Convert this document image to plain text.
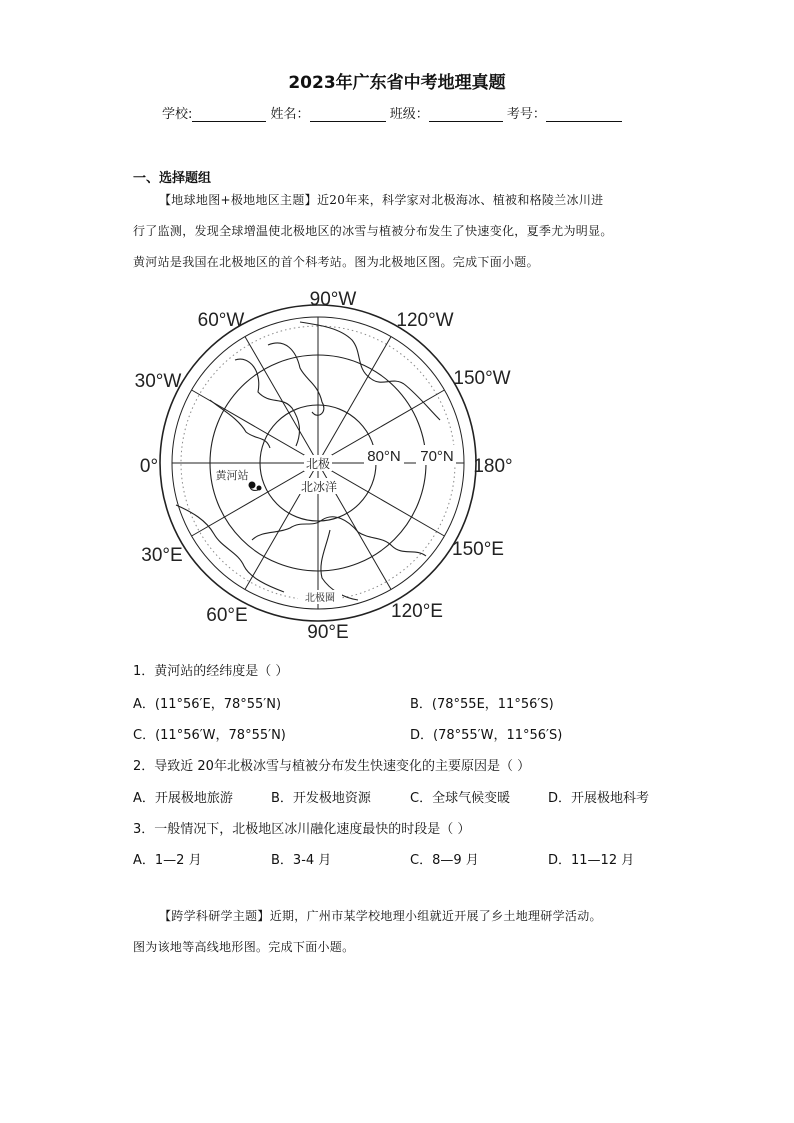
2023年广东省中考地理真题
学校:	姓名：	班级：	考号：
一、选择题组
【地球地图+极地地区主题】近20年来，科学家对北极海冰、植被和格陵兰冰川进
行了监测，发现全球增温使北极地区的冰雪与植被分布发生了快速变化，夏季尤为明显。
黄河站是我国在北极地区的首个科考站。图为北极地区图。完成下面小题。
90°W
90°E
0°	180°
60°W
30°W
120°W
150°W
30°E
60°E
150°E
120°E
80°N 70°N
北极
北冰洋
黄河站
北极圈
1．黄河站的经纬度是（ ）
A．(11°56′E，78°55′N)	B．(78°55E，11°56′S)
C．(11°56′W，78°55′N)	D．(78°55′W，11°56′S)
2．导致近 20年北极冰雪与植被分布发生快速变化的主要原因是（ ）
A．开展极地旅游	B．开发极地资源	C．全球气候变暖	D．开展极地科考
3．一般情况下，北极地区冰川融化速度最快的时段是（ ）
A．1—2 月	B．3-4 月	C．8—9 月	D．11—12 月
【跨学科研学主题】近期，广州市某学校地理小组就近开展了乡土地理研学活动。
图为该地等高线地形图。完成下面小题。
